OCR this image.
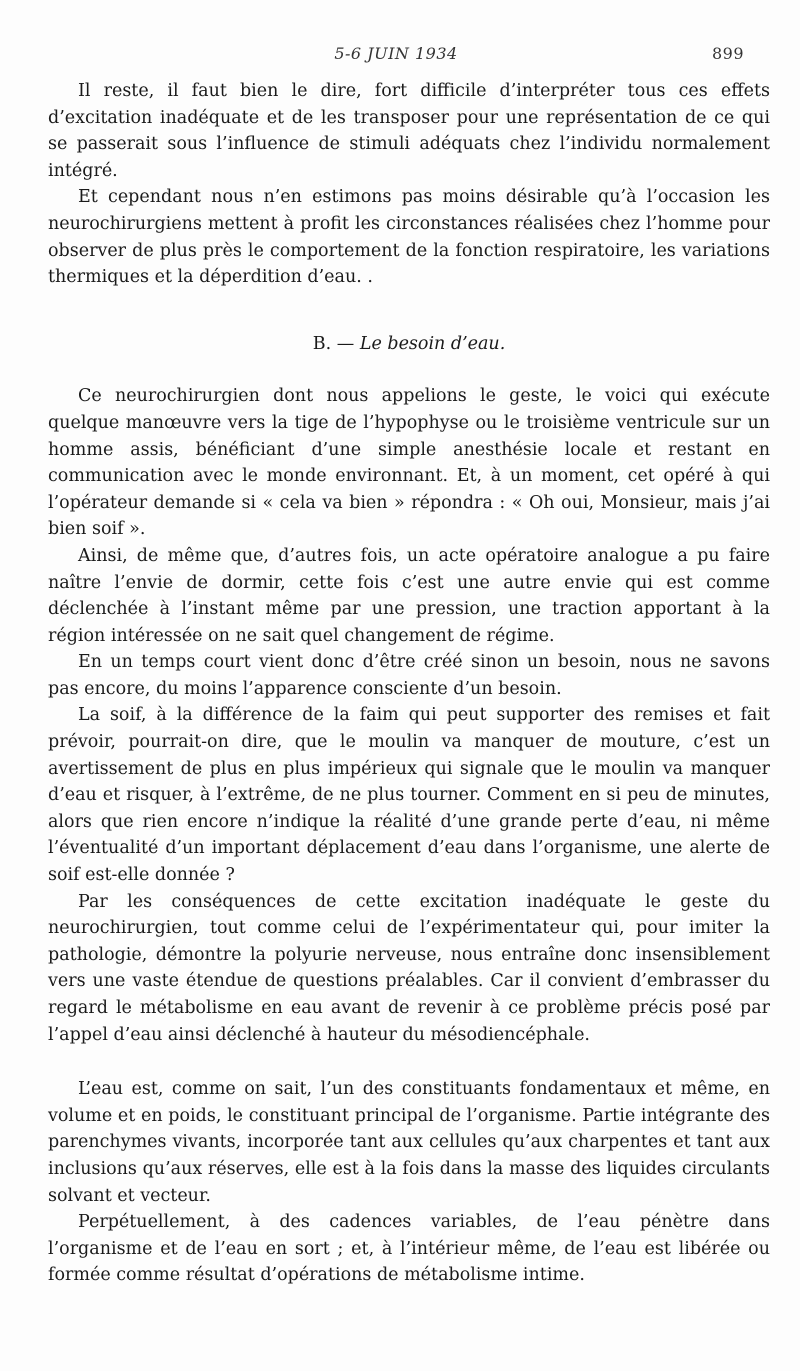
5-6 JUIN 1934	899

Il reste, il faut bien le dire, fort difficile d’interpréter tous ces effets d’excitation inadéquate et de les transposer pour une représentation de ce qui se passerait sous l’influence de stimuli adéquats chez l’individu normalement intégré.

Et cependant nous n’en estimons pas moins désirable qu’à l’occasion les neurochirurgiens mettent à profit les circonstances réalisées chez l’homme pour observer de plus près le comportement de la fonction respiratoire, les variations thermiques et la déperdition d’eau. .

B. — Le besoin d’eau.

Ce neurochirurgien dont nous appelions le geste, le voici qui exécute quelque manœuvre vers la tige de l’hypophyse ou le troisième ventricule sur un homme assis, bénéficiant d’une simple anesthésie locale et restant en communication avec le monde environnant. Et, à un moment, cet opéré à qui l’opérateur demande si « cela va bien » répondra : « Oh oui, Monsieur, mais j’ai bien soif ».

Ainsi, de même que, d’autres fois, un acte opératoire analogue a pu faire naître l’envie de dormir, cette fois c’est une autre envie qui est comme déclenchée à l’instant même par une pression, une traction apportant à la région intéressée on ne sait quel changement de régime.

En un temps court vient donc d’être créé sinon un besoin, nous ne savons pas encore, du moins l’apparence consciente d’un besoin.

La soif, à la différence de la faim qui peut supporter des remises et fait prévoir, pourrait-on dire, que le moulin va manquer de mouture, c’est un avertissement de plus en plus impérieux qui signale que le moulin va manquer d’eau et risquer, à l’extrême, de ne plus tourner. Comment en si peu de minutes, alors que rien encore n’indique la réalité d’une grande perte d’eau, ni même l’éventualité d’un important déplacement d’eau dans l’organisme, une alerte de soif est-elle donnée ?

Par les conséquences de cette excitation inadéquate le geste du neurochirurgien, tout comme celui de l’expérimentateur qui, pour imiter la pathologie, démontre la polyurie nerveuse, nous entraîne donc insensiblement vers une vaste étendue de questions préalables. Car il convient d’embrasser du regard le métabolisme en eau avant de revenir à ce problème précis posé par l’appel d’eau ainsi déclenché à hauteur du mésodiencéphale.

L’eau est, comme on sait, l’un des constituants fondamentaux et même, en volume et en poids, le constituant principal de l’organisme. Partie intégrante des parenchymes vivants, incorporée tant aux cellules qu’aux charpentes et tant aux inclusions qu’aux réserves, elle est à la fois dans la masse des liquides circulants solvant et vecteur.

Perpétuellement, à des cadences variables, de l’eau pénètre dans l’organisme et de l’eau en sort ; et, à l’intérieur même, de l’eau est libérée ou formée comme résultat d’opérations de métabolisme intime.
